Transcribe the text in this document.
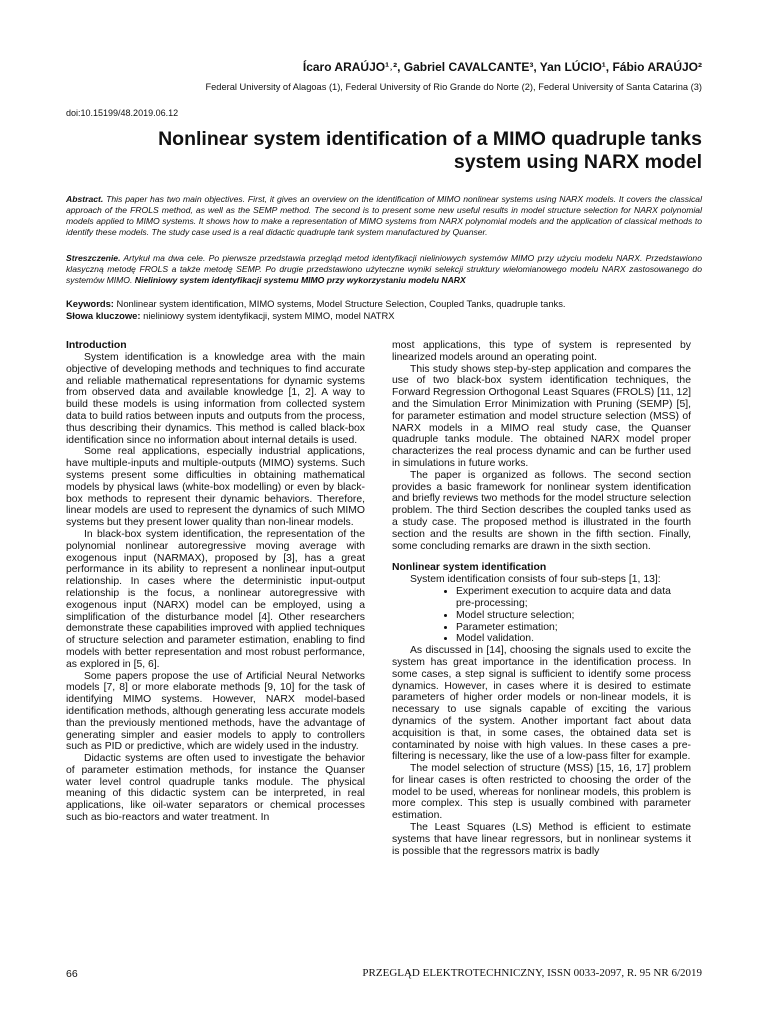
Ícaro ARAÚJO¹˒², Gabriel CAVALCANTE³, Yan LÚCIO¹, Fábio ARAÚJO²
Federal University of Alagoas (1), Federal University of Rio Grande do Norte (2), Federal University of Santa Catarina (3)
doi:10.15199/48.2019.06.12
Nonlinear system identification of a MIMO quadruple tanks
system using NARX model
Abstract. This paper has two main objectives. First, it gives an overview on the identification of MIMO nonlinear systems using NARX models. It covers the classical approach of the FROLS method, as well as the SEMP method. The second is to present some new useful results in model structure selection for NARX polynomial models applied to MIMO systems. It shows how to make a representation of MIMO systems from NARX polynomial models and the application of classical methods to identify these models. The study case used is a real didactic quadruple tank system manufactured by Quanser.
Streszczenie. Artykuł ma dwa cele. Po pierwsze przedstawia przegląd metod identyfikacji nieliniowych systemów MIMO przy użyciu modelu NARX. Przedstawiono klasyczną metodę FROLS a także metodę SEMP. Po drugie przedstawiono użyteczne wyniki selekcji struktury wielomianowego modelu NARX zastosowanego do systemów MIMO. Nieliniowy system identyfikacji systemu MIMO przy wykorzystaniu modelu NARX
Keywords: Nonlinear system identification, MIMO systems, Model Structure Selection, Coupled Tanks, quadruple tanks.
Słowa kluczowe: nieliniowy system identyfikacji, system MIMO, model NATRX
Introduction

System identification is a knowledge area with the main objective of developing methods and techniques to find accurate and reliable mathematical representations for dynamic systems from observed data and available knowledge [1, 2]. A way to build these models is using information from collected system data to build ratios between inputs and outputs from the process, thus describing their dynamics. This method is called black-box identification since no information about internal details is used.

Some real applications, especially industrial applications, have multiple-inputs and multiple-outputs (MIMO) systems. Such systems present some difficulties in obtaining mathematical models by physical laws (white-box modelling) or even by black-box methods to represent their dynamic behaviors. Therefore, linear models are used to represent the dynamics of such MIMO systems but they present lower quality than non-linear models.

In black-box system identification, the representation of the polynomial nonlinear autoregressive moving average with exogenous input (NARMAX), proposed by [3], has a great performance in its ability to represent a nonlinear input-output relationship. In cases where the deterministic input-output relationship is the focus, a nonlinear autoregressive with exogenous input (NARX) model can be employed, using a simplification of the disturbance model [4]. Other researchers demonstrate these capabilities improved with applied techniques of structure selection and parameter estimation, enabling to find models with better representation and most robust performance, as explored in [5, 6].

Some papers propose the use of Artificial Neural Networks models [7, 8] or more elaborate methods [9, 10] for the task of identifying MIMO systems. However, NARX model-based identification methods, although generating less accurate models than the previously mentioned methods, have the advantage of generating simpler and easier models to apply to controllers such as PID or predictive, which are widely used in the industry.

Didactic systems are often used to investigate the behavior of parameter estimation methods, for instance the Quanser water level control quadruple tanks module. The physical meaning of this didactic system can be interpreted, in real applications, like oil-water separators or chemical processes such as bio-reactors and water treatment. In

most applications, this type of system is represented by linearized models around an operating point.

This study shows step-by-step application and compares the use of two black-box system identification techniques, the Forward Regression Orthogonal Least Squares (FROLS) [11, 12] and the Simulation Error Minimization with Pruning (SEMP) [5], for parameter estimation and model structure selection (MSS) of NARX models in a MIMO real study case, the Quanser quadruple tanks module. The obtained NARX model proper characterizes the real process dynamic and can be further used in simulations in future works.

The paper is organized as follows. The second section provides a basic framework for nonlinear system identification and briefly reviews two methods for the model structure selection problem. The third Section describes the coupled tanks used as a study case. The proposed method is illustrated in the fourth section and the results are shown in the fifth section. Finally, some concluding remarks are drawn in the sixth section.

Nonlinear system identification

System identification consists of four sub-steps [1, 13]:

• Experiment execution to acquire data and data pre-processing;
• Model structure selection;
• Parameter estimation;
• Model validation.

As discussed in [14], choosing the signals used to excite the system has great importance in the identification process. In some cases, a step signal is sufficient to identify some process dynamics. However, in cases where it is desired to estimate parameters of higher order models or non-linear models, it is necessary to use signals capable of exciting the various dynamics of the system. Another important fact about data acquisition is that, in some cases, the obtained data set is contaminated by noise with high values. In these cases a pre-filtering is necessary, like the use of a low-pass filter for example.

The model selection of structure (MSS) [15, 16, 17] problem for linear cases is often restricted to choosing the order of the model to be used, whereas for nonlinear models, this problem is more complex. This step is usually combined with parameter estimation.

The Least Squares (LS) Method is efficient to estimate systems that have linear regressors, but in nonlinear systems it is possible that the regressors matrix is badly

66	PRZEGLĄD ELEKTROTECHNICZNY, ISSN 0033-2097, R. 95 NR 6/2019
